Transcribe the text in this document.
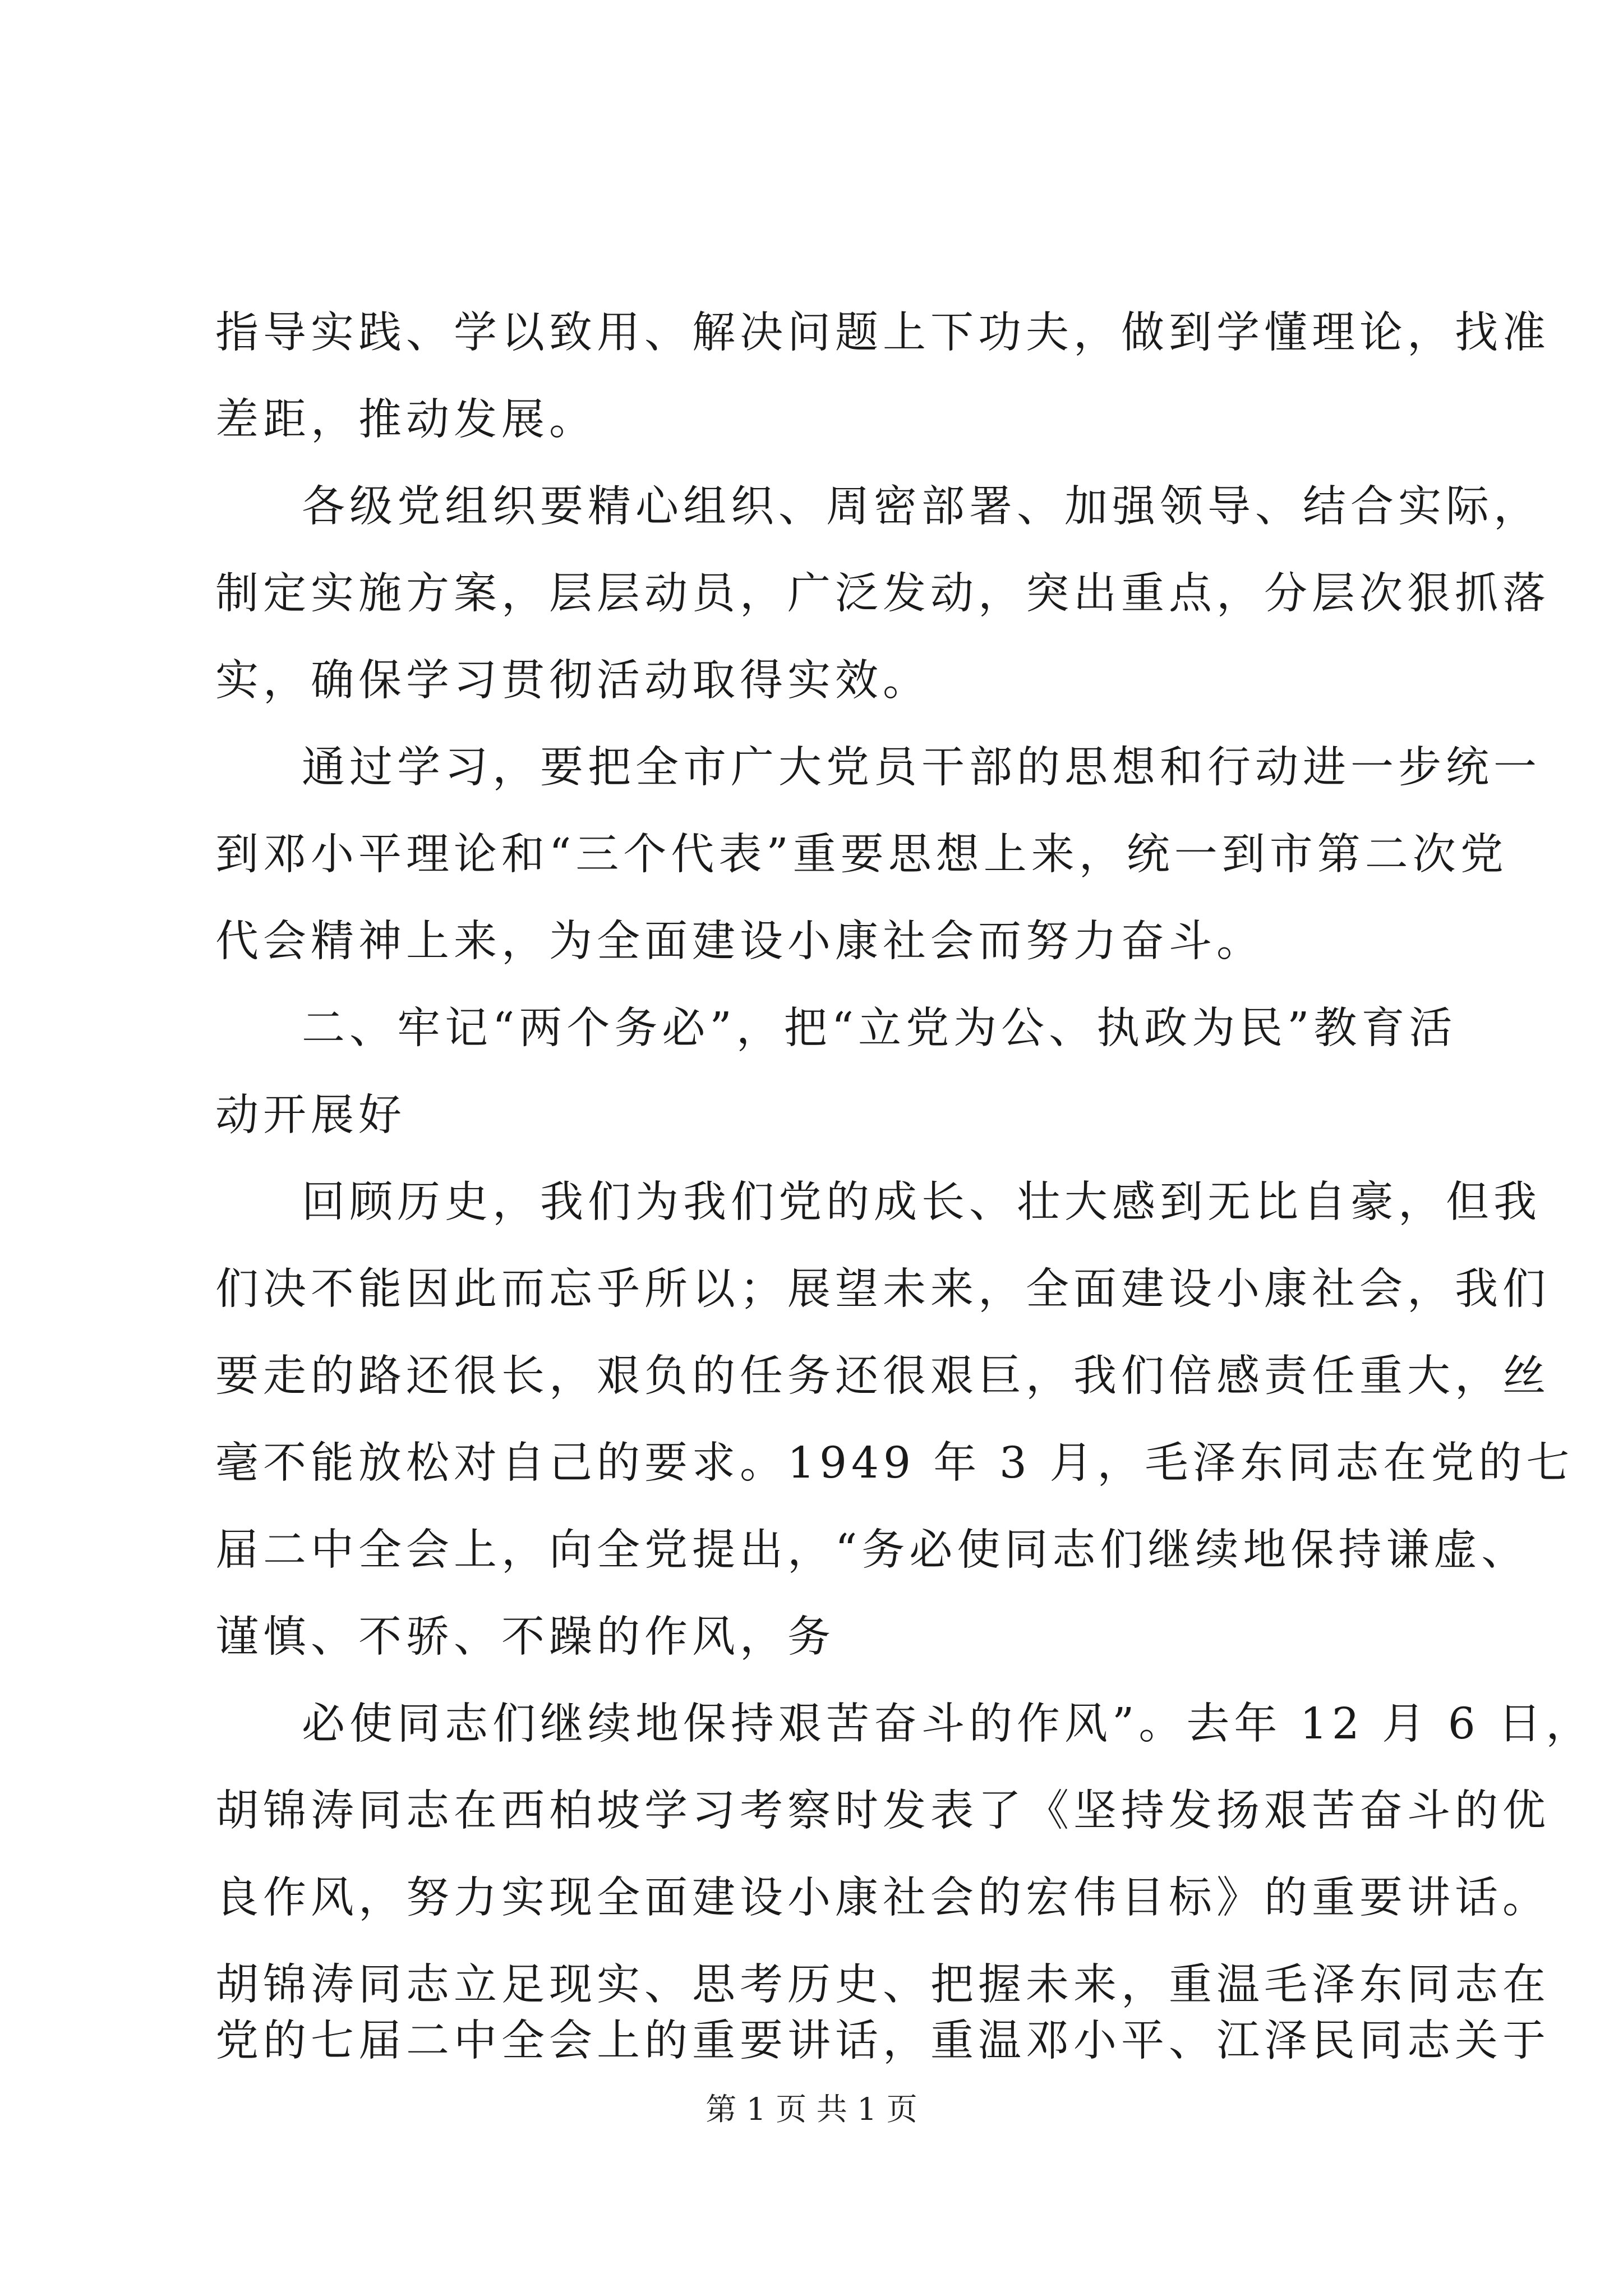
指导实践、学以致用、解决问题上下功夫，做到学懂理论，找准
差距，推动发展。
各级党组织要精心组织、周密部署、加强领导、结合实际，
制定实施方案，层层动员，广泛发动，突出重点，分层次狠抓落
实，确保学习贯彻活动取得实效。
通过学习，要把全市广大党员干部的思想和行动进一步统一
到邓小平理论和“三个代表”重要思想上来，统一到市第二次党
代会精神上来，为全面建设小康社会而努力奋斗。
二、牢记“两个务必”，把“立党为公、执政为民”教育活
动开展好
回顾历史，我们为我们党的成长、壮大感到无比自豪，但我
们决不能因此而忘乎所以；展望未来，全面建设小康社会，我们
要走的路还很长，艰负的任务还很艰巨，我们倍感责任重大，丝
毫不能放松对自己的要求。1949 年 3 月，毛泽东同志在党的七
届二中全会上，向全党提出，“务必使同志们继续地保持谦虚、
谨慎、不骄、不躁的作风，务
必使同志们继续地保持艰苦奋斗的作风”。去年 12 月 6 日，
胡锦涛同志在西柏坡学习考察时发表了《坚持发扬艰苦奋斗的优
良作风，努力实现全面建设小康社会的宏伟目标》的重要讲话。
胡锦涛同志立足现实、思考历史、把握未来，重温毛泽东同志在
党的七届二中全会上的重要讲话，重温邓小平、江泽民同志关于
第 1 页 共 1 页
